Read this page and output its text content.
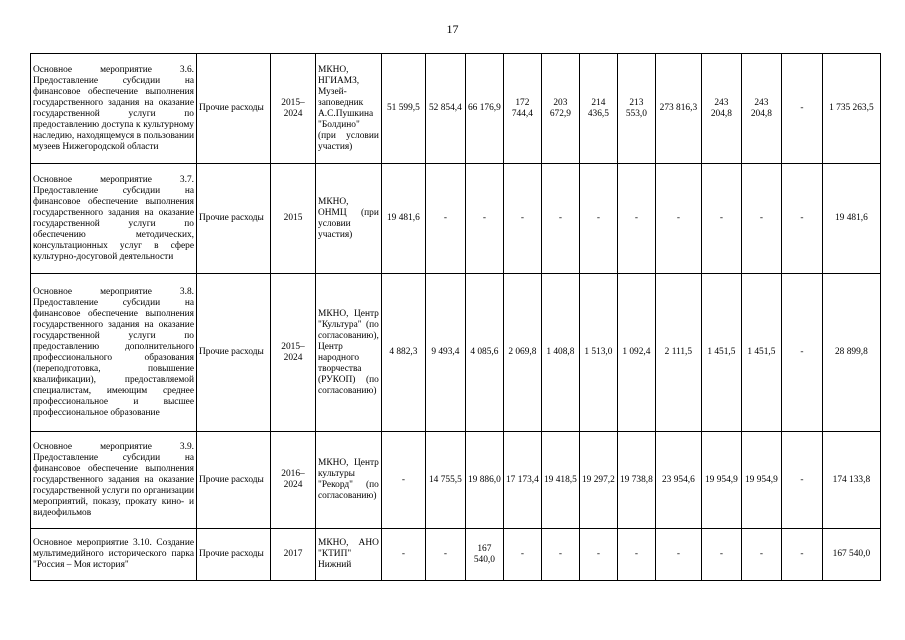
17
Основное мероприятие 3.6. Предоставление субсидии на финансовое обеспечение выполнения государственного задания на оказание государственной услуги по предоставлению доступа к культурному наследию, находящемуся в пользовании музеев Нижегородской области	Прочие расходы	2015–2024	МКНО, НГИАМЗ, Музей-заповедник А.С.Пушкина "Болдино" (при условии участия)	51 599,5	52 854,4	66 176,9	172 744,4	203 672,9	214 436,5	213 553,0	273 816,3	243 204,8	243 204,8	-	1 735 263,5
Основное мероприятие 3.7. Предоставление субсидии на финансовое обеспечение выполнения государственного задания на оказание государственной услуги по обеспечению методических, консультационных услуг в сфере культурно-досуговой деятельности	Прочие расходы	2015	МКНО, ОНМЦ (при условии участия)	19 481,6	-	-	-	-	-	-	-	-	-	-	19 481,6
Основное мероприятие 3.8. Предоставление субсидии на финансовое обеспечение выполнения государственного задания на оказание государственной услуги по предоставлению дополнительного профессионального образования (переподготовка, повышение квалификации), предоставляемой специалистам, имеющим среднее профессиональное и высшее профессиональное образование	Прочие расходы	2015–2024	МКНО, Центр "Культура" (по согласованию), Центр народного творчества (РУКОП) (по согласованию)	4 882,3	9 493,4	4 085,6	2 069,8	1 408,8	1 513,0	1 092,4	2 111,5	1 451,5	1 451,5	-	28 899,8
Основное мероприятие 3.9. Предоставление субсидии на финансовое обеспечение выполнения государственного задания на оказание государственной услуги по организации мероприятий, показу, прокату кино- и видеофильмов	Прочие расходы	2016–2024	МКНО, Центр культуры "Рекорд" (по согласованию)	-	14 755,5	19 886,0	17 173,4	19 418,5	19 297,2	19 738,8	23 954,6	19 954,9	19 954,9	-	174 133,8
Основное мероприятие 3.10. Создание мультимедийного исторического парка "Россия – Моя история"	Прочие расходы	2017	МКНО, АНО "КТИП" Нижний	-	-	167 540,0	-	-	-	-	-	-	-	-	167 540,0
